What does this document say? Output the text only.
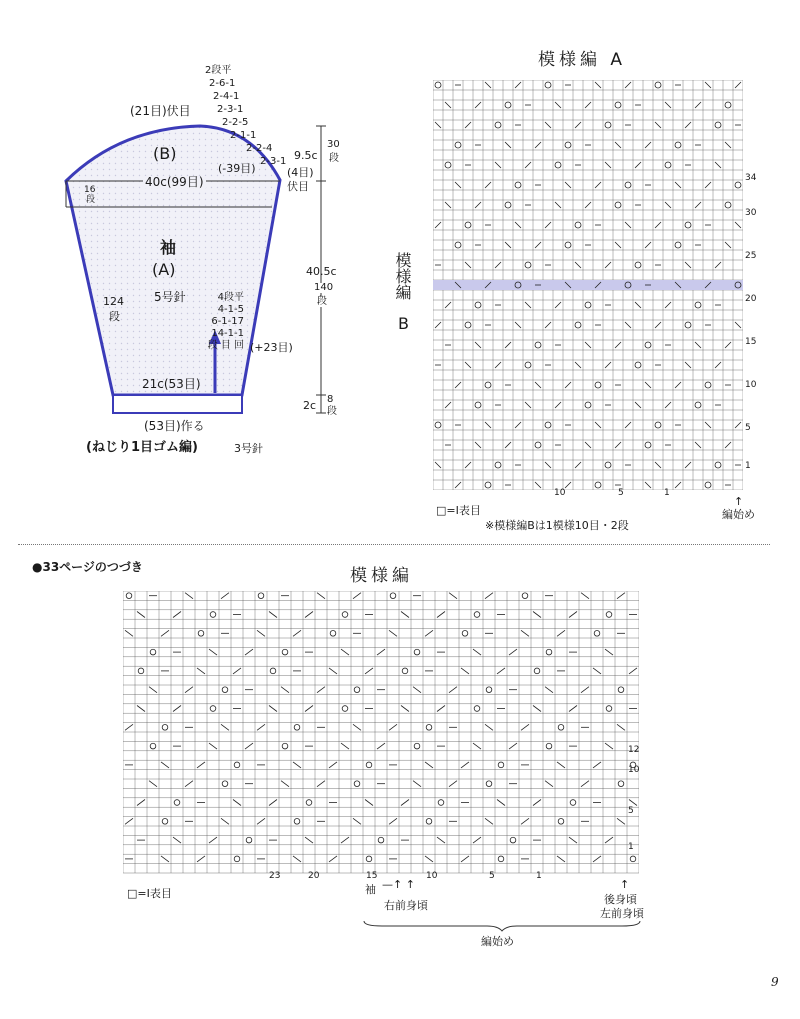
(21目)伏目
(B)
40c(99目)
(-39目)	(4目)
伏目
16
段
袖
(A)
5号針
124
段
4段平
4-1-5
6-1-17
14-1-1
段 目 回 (+23目)
21c(53目)
(53目)作る
(ねじり1目ゴム編)	3号針
2段平
2-6-1
2-4-1
2-3-1
2-2-5
2-1-1
2-2-4
2-3-1 9.5c
30
段
40.5c
140
段
2c 8
段
模様編 A
模様編
B
34
30
25
20
15
10
5
1
10	5	1
□=Ⅰ表目
※模様編Bは1模様10目・2段
↑
編始め
●33ページのつづき	模様編
12
10
5
1
23	20	15	10	5	1
□=Ⅰ表目	袖 —↑ ↑
右前身頃
↑
後身頃
左前身頃
編始め
9
